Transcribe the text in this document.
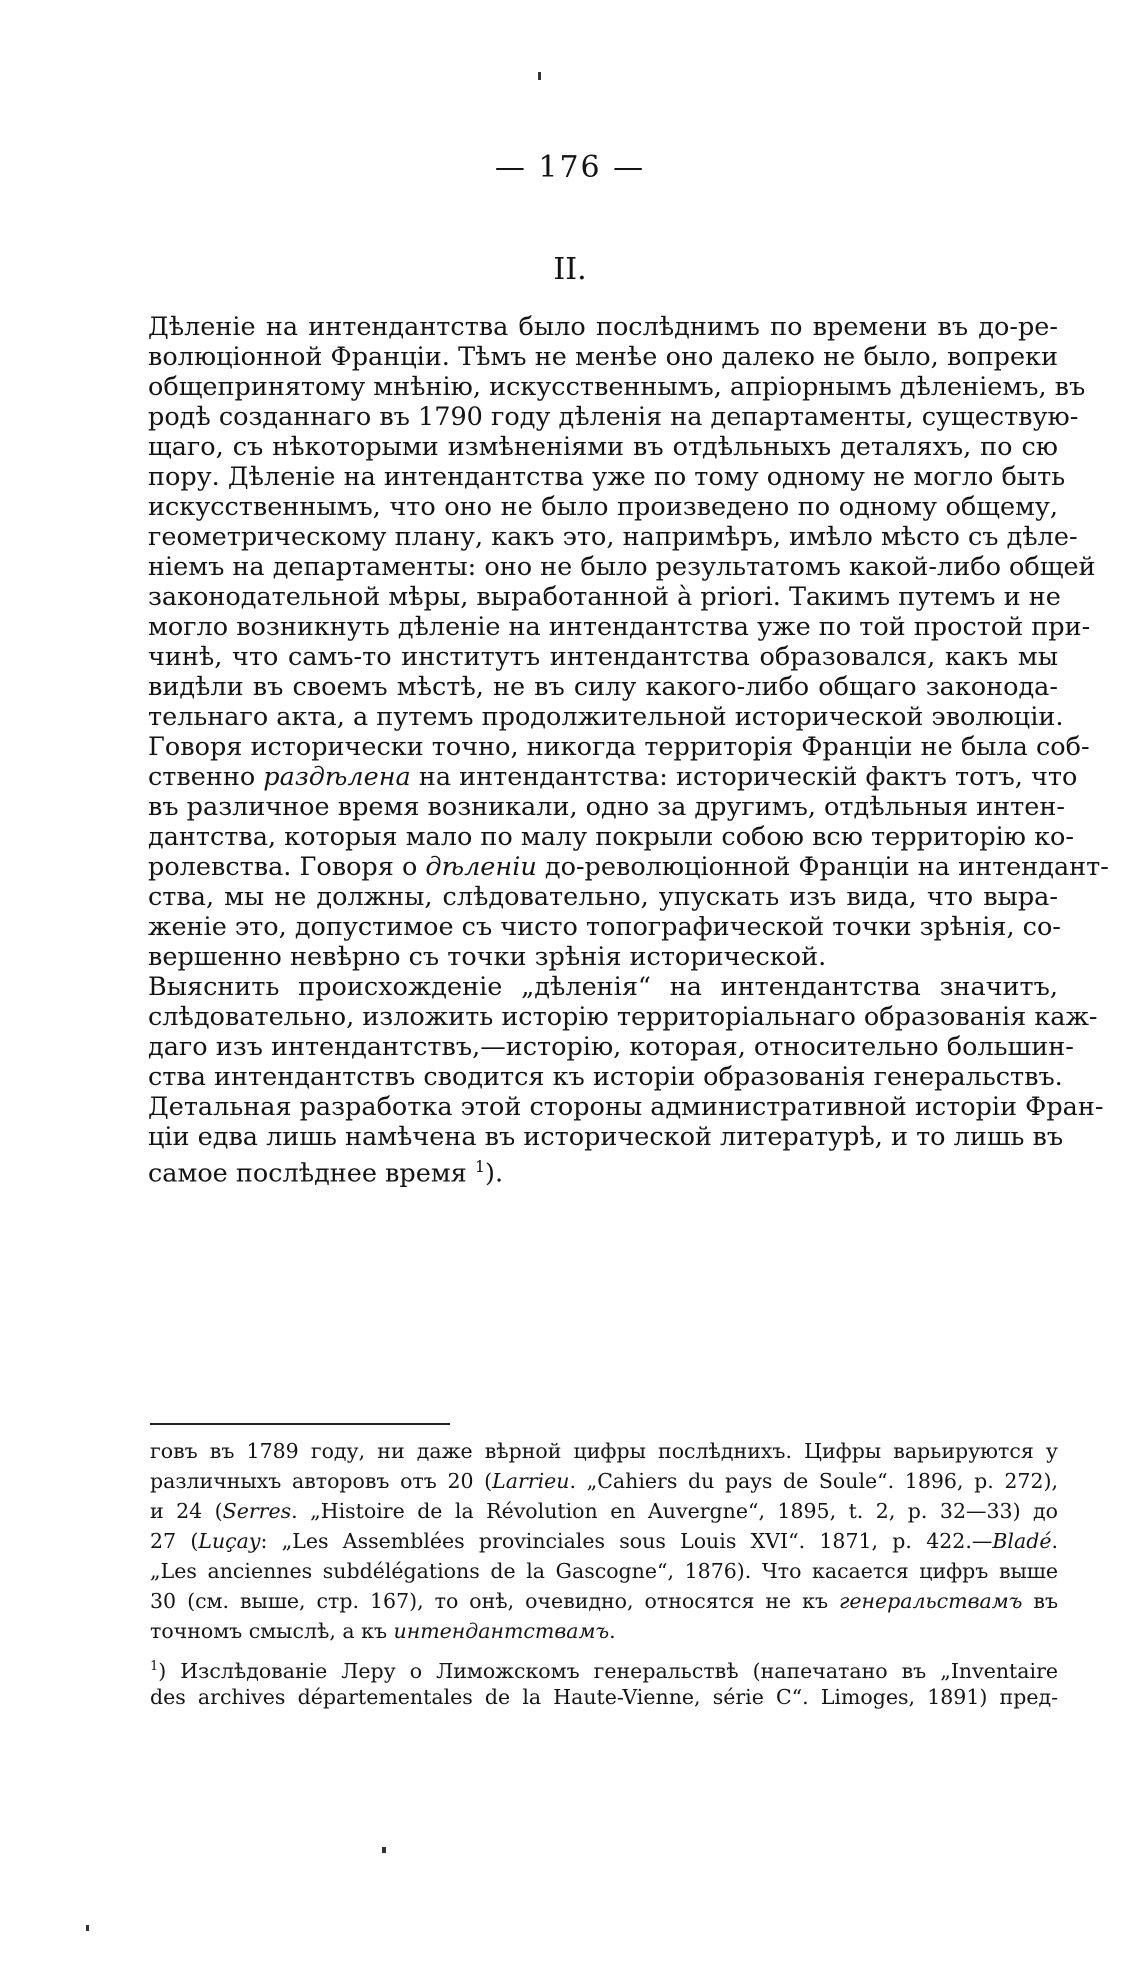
— 176 —
II.
Дѣленіе на интендантства было послѣднимъ по времени въ до-ре-
волюціонной Франціи. Тѣмъ не менѣе оно далеко не было, вопреки
общепринятому мнѣнію, искусственнымъ, апріорнымъ дѣленіемъ, въ
родѣ созданнаго въ 1790 году дѣленія на департаменты, существую-
щаго, съ нѣкоторыми измѣненіями въ отдѣльныхъ деталяхъ, по сю
пору. Дѣленіе на интендантства уже по тому одному не могло быть
искусственнымъ, что оно не было произведено по одному общему,
геометрическому плану, какъ это, напримѣръ, имѣло мѣсто съ дѣле-
ніемъ на департаменты: оно не было результатомъ какой-либо общей
законодательной мѣры, выработанной à priori. Такимъ путемъ и не
могло возникнуть дѣленіе на интендантства уже по той простой при-
чинѣ, что самъ-то институтъ интендантства образовался, какъ мы
видѣли въ своемъ мѣстѣ, не въ силу какого-либо общаго законода-
тельнаго акта, а путемъ продолжительной исторической эволюціи.
Говоря исторически точно, никогда территорія Франціи не была соб-
ственно раздѣлена на интендантства: историческій фактъ тотъ, что
въ различное время возникали, одно за другимъ, отдѣльныя интен-
дантства, которыя мало по малу покрыли собою всю территорію ко-
ролевства. Говоря о дѣленіи до-революціонной Франціи на интендант-
ства, мы не должны, слѣдовательно, упускать изъ вида, что выра-
женіе это, допустимое съ чисто топографической точки зрѣнія, со-
вершенно невѣрно съ точки зрѣнія исторической.
Выяснить происхожденіе „дѣленія“ на интендантства значитъ,
слѣдовательно, изложить исторію территоріальнаго образованія каж-
даго изъ интендантствъ,—исторію, которая, относительно большин-
ства интендантствъ сводится къ исторіи образованія генеральствъ.
Детальная разработка этой стороны административной исторіи Фран-
ціи едва лишь намѣчена въ исторической литературѣ, и то лишь въ
самое послѣднее время $^1$).
говъ въ 1789 году, ни даже вѣрной цифры послѣднихъ. Цифры варьируются у
различныхъ авторовъ отъ 20 (Larrieu. „Cahiers du pays de Soule“. 1896, p. 272),
и 24 (Serres. „Histoire de la Révolution en Auvergne“, 1895, t. 2, p. 32—33) до
27 (Luçay: „Les Assemblées provinciales sous Louis XVI“. 1871, p. 422.—Bladé.
„Les anciennes subdélégations de la Gascogne“, 1876). Что касается цифръ выше
30 (см. выше, стр. 167), то онѣ, очевидно, относятся не къ генеральствамъ въ
точномъ смыслѣ, а къ интендантствамъ.
$^1$) Изслѣдованіе Леру о Лиможскомъ генеральствѣ (напечатано въ „Inventaire
des archives départementales de la Haute-Vienne, série C“. Limoges, 1891) пред-
